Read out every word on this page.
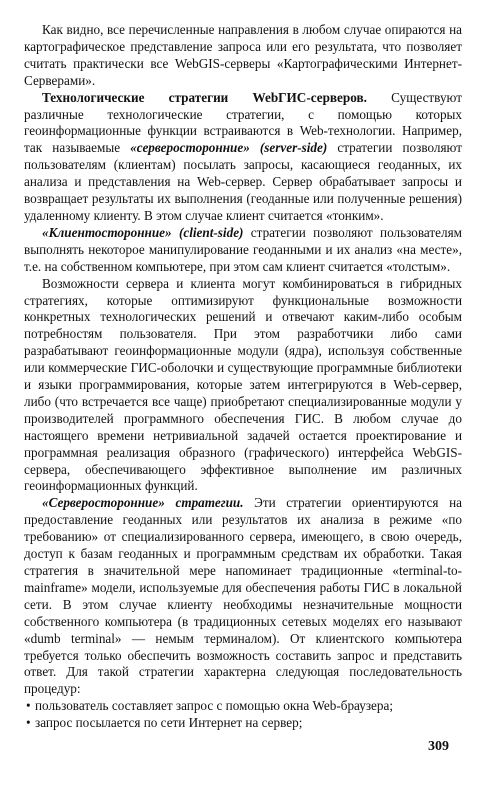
Как видно, все перечисленные направления в любом случае опираются на картографическое представление запроса или его результата, что позволяет считать практически все WebGIS-серверы «Картографическими Интернет-Серверами».

Технологические стратегии WebГИС-серверов. Существуют различные технологические стратегии, с помощью которых геоинформационные функции встраиваются в Web-технологии. Например, так называемые «серверосторонние» (server-side) стратегии позволяют пользователям (клиентам) посылать запросы, касающиеся геоданных, их анализа и представления на Web-сервер. Сервер обрабатывает запросы и возвращает результаты их выполнения (геоданные или полученные решения) удаленному клиенту. В этом случае клиент считается «тонким».

«Клиентосторонние» (client-side) стратегии позволяют пользователям выполнять некоторое манипулирование геоданными и их анализ «на месте», т.е. на собственном компьютере, при этом сам клиент считается «толстым».

Возможности сервера и клиента могут комбинироваться в гибридных стратегиях, которые оптимизируют функциональные возможности конкретных технологических решений и отвечают каким-либо особым потребностям пользователя. При этом разработчики либо сами разрабатывают геоинформационные модули (ядра), используя собственные или коммерческие ГИС-оболочки и существующие программные библиотеки и языки программирования, которые затем интегрируются в Web-сервер, либо (что встречается все чаще) приобретают специализированные модули у производителей программного обеспечения ГИС. В любом случае до настоящего времени нетривиальной задачей остается проектирование и программная реализация образного (графического) интерфейса WebGIS-сервера, обеспечивающего эффективное выполнение им различных геоинформационных функций.

«Серверосторонние» стратегии. Эти стратегии ориентируются на предоставление геоданных или результатов их анализа в режиме «по требованию» от специализированного сервера, имеющего, в свою очередь, доступ к базам геоданных и программным средствам их обработки. Такая стратегия в значительной мере напоминает традиционные «terminal-to-mainframe» модели, используемые для обеспечения работы ГИС в локальной сети. В этом случае клиенту необходимы незначительные мощности собственного компьютера (в традиционных сетевых моделях его называют «dumb terminal» — немым терминалом). От клиентского компьютера требуется только обеспечить возможность составить запрос и представить ответ. Для такой стратегии характерна следующая последовательность процедур:

• пользователь составляет запрос с помощью окна Web-браузера;
• запрос посылается по сети Интернет на сервер;
309
